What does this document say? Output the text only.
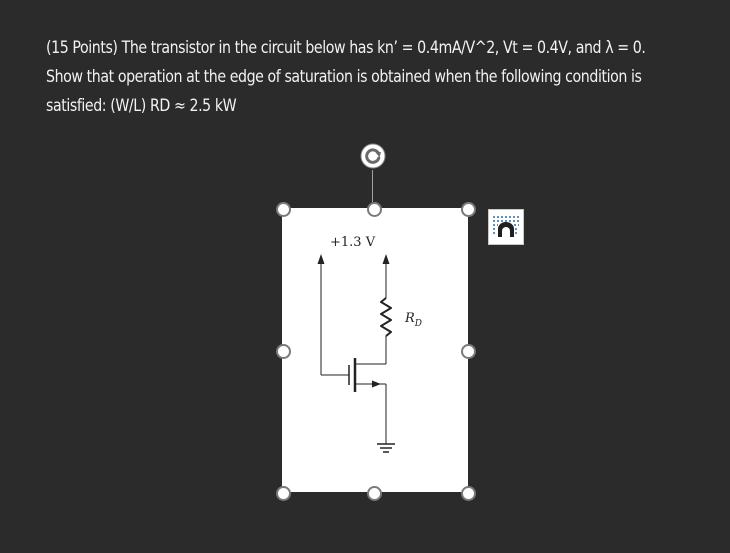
(15 Points) The transistor in the circuit below has kn’ = 0.4mA/V^2, Vt = 0.4V, and λ = 0.
Show that operation at the edge of saturation is obtained when the following condition is
satisfied: (W/L) RD ≈ 2.5 kW
+1.3 V
$R_D$
